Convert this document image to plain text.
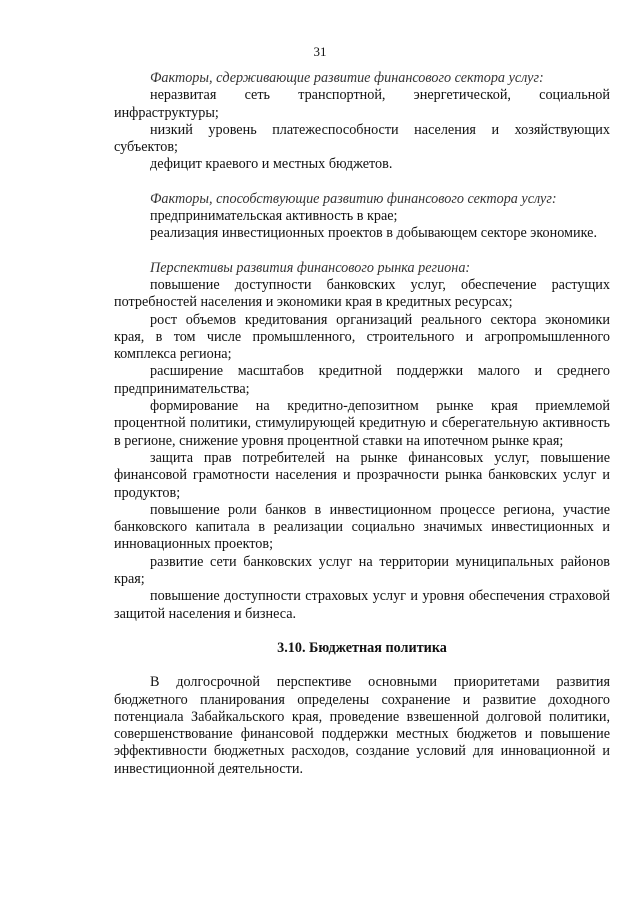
31

Факторы, сдерживающие развитие финансового сектора услуг:

неразвитая сеть транспортной, энергетической, социальной инфраструктуры;

низкий уровень платежеспособности населения и хозяйствующих субъектов;

дефицит краевого и местных бюджетов.

Факторы, способствующие развитию финансового сектора услуг:

предпринимательская активность в крае;

реализация инвестиционных проектов в добывающем секторе экономике.

Перспективы развития финансового рынка региона:

повышение доступности банковских услуг, обеспечение растущих потребностей населения и экономики края в кредитных ресурсах;

рост объемов кредитования организаций реального сектора экономики края, в том числе промышленного, строительного и агропромышленного комплекса региона;

расширение масштабов кредитной поддержки малого и среднего предпринимательства;

формирование на кредитно-депозитном рынке края приемлемой процентной политики, стимулирующей кредитную и сберегательную активность в регионе, снижение уровня процентной ставки на ипотечном рынке края;

защита прав потребителей на рынке финансовых услуг, повышение финансовой грамотности населения и прозрачности рынка банковских услуг и продуктов;

повышение роли банков в инвестиционном процессе региона, участие банковского капитала в реализации социально значимых инвестиционных и инновационных проектов;

развитие сети банковских услуг на территории муниципальных районов края;

повышение доступности страховых услуг и уровня обеспечения страховой защитой населения и бизнеса.

3.10. Бюджетная политика

В долгосрочной перспективе основными приоритетами развития бюджетного планирования определены сохранение и развитие доходного потенциала Забайкальского края, проведение взвешенной долговой политики, совершенствование финансовой поддержки местных бюджетов и повышение эффективности бюджетных расходов, создание условий для инновационной и инвестиционной деятельности.
